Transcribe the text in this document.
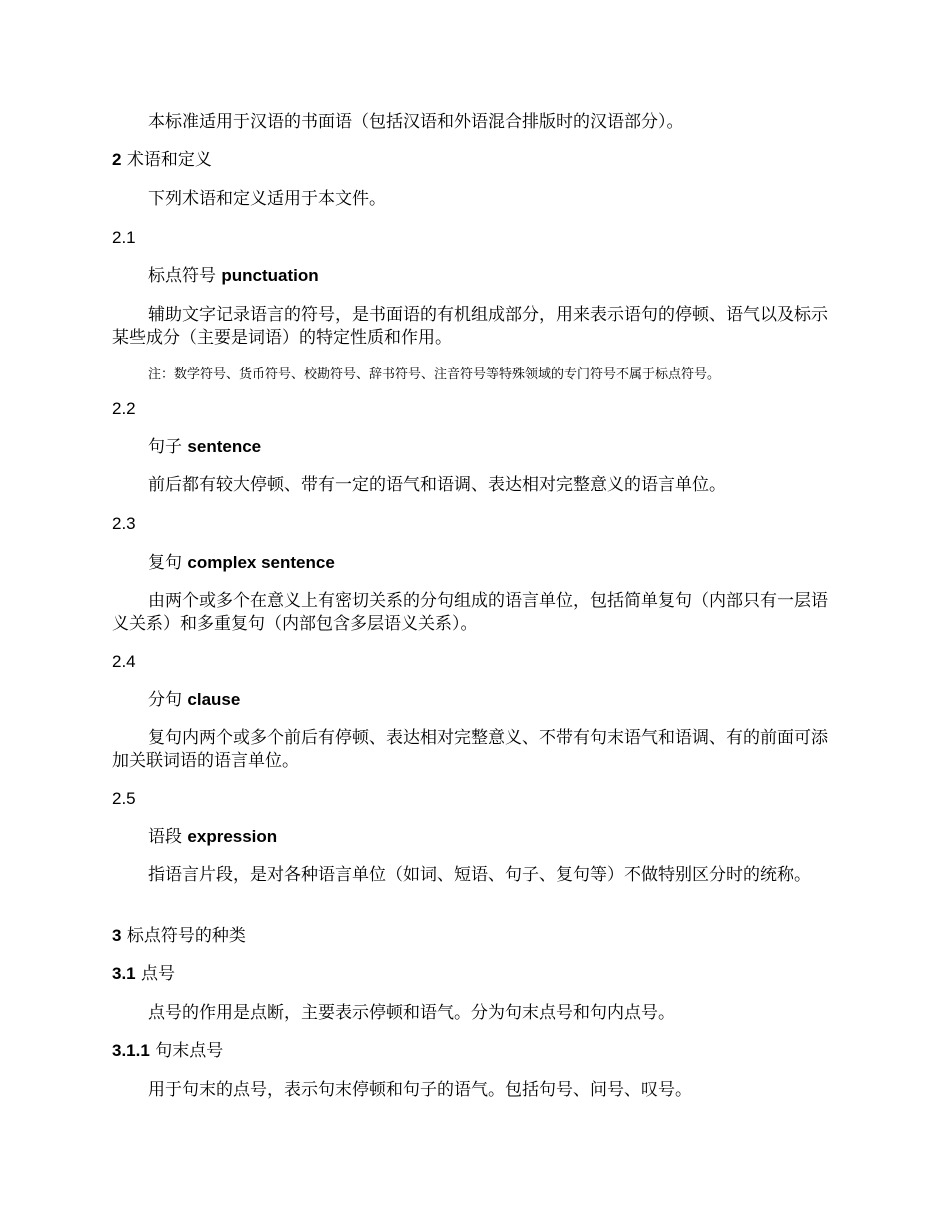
本标准适用于汉语的书面语（包括汉语和外语混合排版时的汉语部分）。
2 术语和定义
下列术语和定义适用于本文件。
2.1
标点符号 punctuation
辅助文字记录语言的符号，是书面语的有机组成部分，用来表示语句的停顿、语气以及标示某些成分（主要是词语）的特定性质和作用。
注：数学符号、货币符号、校勘符号、辞书符号、注音符号等特殊领域的专门符号不属于标点符号。
2.2
句子 sentence
前后都有较大停顿、带有一定的语气和语调、表达相对完整意义的语言单位。
2.3
复句 complex sentence
由两个或多个在意义上有密切关系的分句组成的语言单位，包括简单复句（内部只有一层语义关系）和多重复句（内部包含多层语义关系）。
2.4
分句 clause
复句内两个或多个前后有停顿、表达相对完整意义、不带有句末语气和语调、有的前面可添加关联词语的语言单位。
2.5
语段 expression
指语言片段，是对各种语言单位（如词、短语、句子、复句等）不做特别区分时的统称。
3 标点符号的种类
3.1 点号
点号的作用是点断，主要表示停顿和语气。分为句末点号和句内点号。
3.1.1 句末点号
用于句末的点号，表示句末停顿和句子的语气。包括句号、问号、叹号。
